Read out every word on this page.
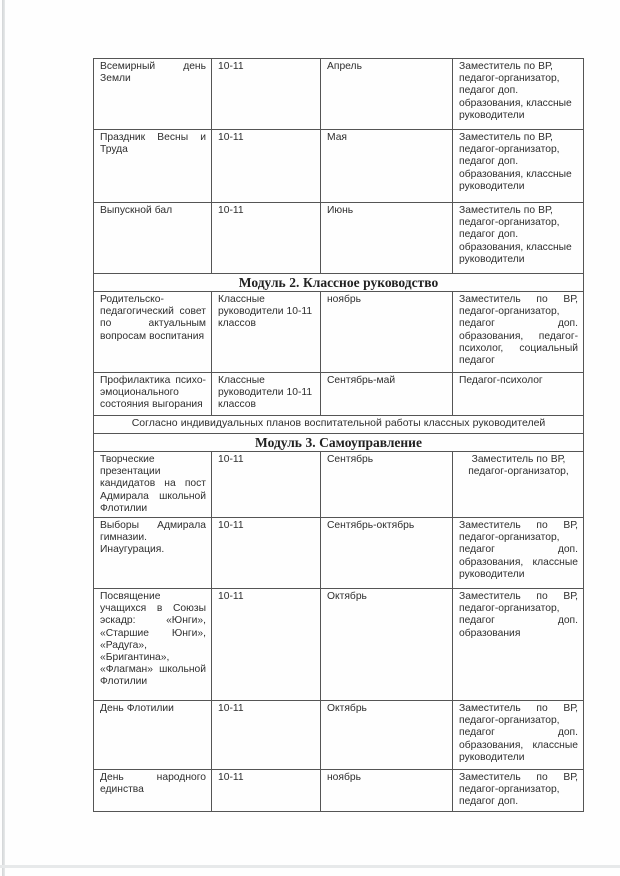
Всемирный день Земли	10-11	Апрель	Заместитель по ВР, педагог-организатор, педагог доп. образования, классные руководители
Праздник Весны и Труда	10-11	Мая	Заместитель по ВР, педагог-организатор, педагог доп. образования, классные руководители
Выпускной бал	10-11	Июнь	Заместитель по ВР, педагог-организатор, педагог доп. образования, классные руководители
Модуль 2. Классное руководство			
Родительско-педагогический совет по актуальным вопросам воспитания	Классные руководители 10-11 классов	ноябрь	Заместитель по ВР, педагог-организатор, педагог доп. образования, педагог-психолог, социальный педагог
Профилактика психо-эмоционального состояния выгорания	Классные руководители 10-11 классов	Сентябрь-май	Педагог-психолог
Согласно индивидуальных планов воспитательной работы классных руководителей			
Модуль 3. Самоуправление			
Творческие презентации кандидатов на пост Адмирала школьной Флотилии	10-11	Сентябрь	Заместитель по ВР, педагог-организатор,
Выборы Адмирала гимназии. Инаугурация.	10-11	Сентябрь-октябрь	Заместитель по ВР, педагог-организатор, педагог доп. образования, классные руководители
Посвящение учащихся в Союзы эскадр: «Юнги», «Старшие Юнги», «Радуга», «Бригантина», «Флагман» школьной Флотилии	10-11	Октябрь	Заместитель по ВР, педагог-организатор, педагог доп. образования
День Флотилии	10-11	Октябрь	Заместитель по ВР, педагог-организатор, педагог доп. образования, классные руководители
День народного единства	10-11	ноябрь	Заместитель по ВР, педагог-организатор, педагог доп.
